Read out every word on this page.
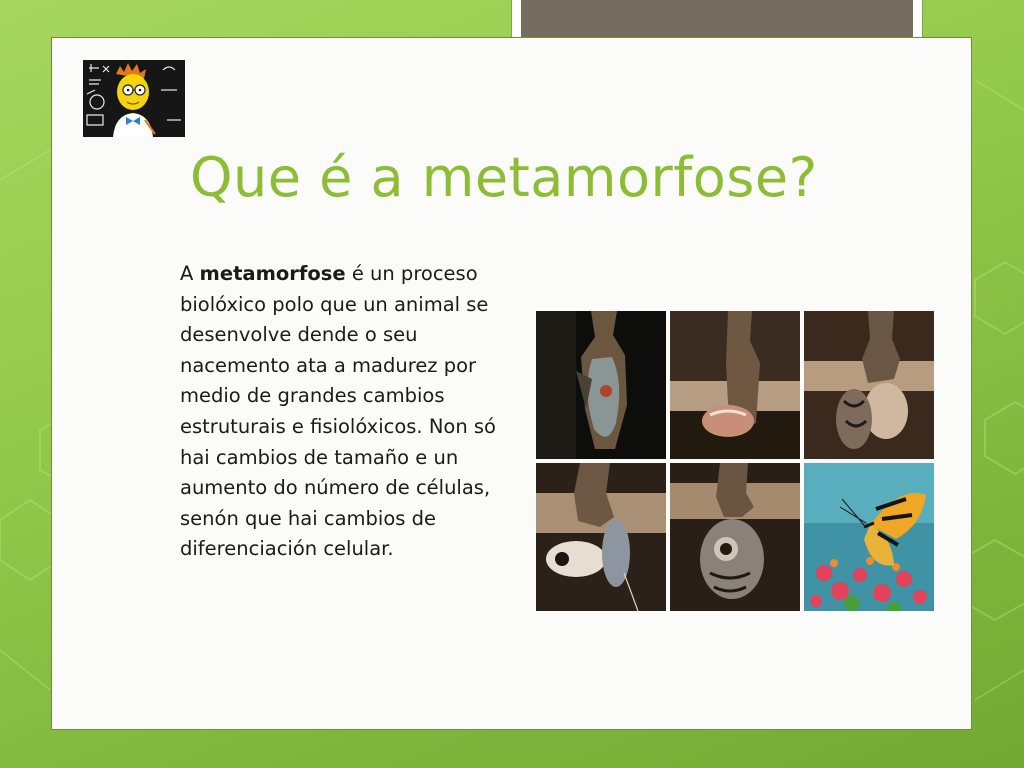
Que é a metamorfose?

A metamorfose é un proceso biolóxico polo que un animal se desenvolve dende o seu nacemento ata a madurez por medio de grandes cambios estruturais e fisiolóxicos. Non só hai cambios de tamaño e un aumento do número de células, senón que hai cambios de diferenciación celular.
